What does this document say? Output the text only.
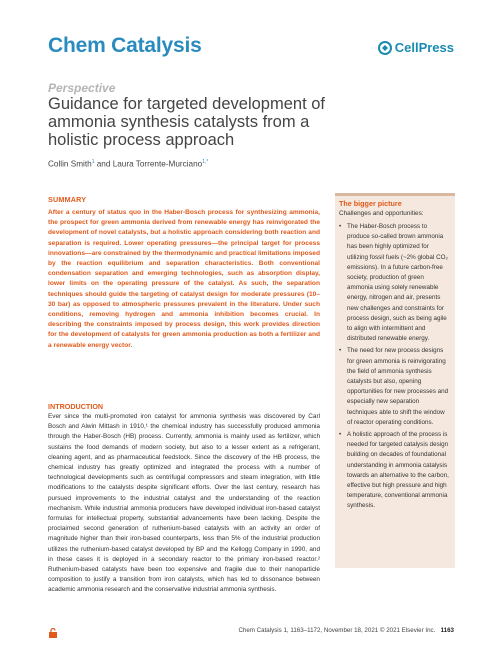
Chem Catalysis	CellPress
Perspective
Guidance for targeted development of ammonia synthesis catalysts from a holistic process approach
Collin Smith$^1$ and Laura Torrente-Murciano$^{1,*}$
SUMMARY
After a century of status quo in the Haber-Bosch process for synthesizing ammonia, the prospect for green ammonia derived from renewable energy has reinvigorated the development of novel catalysts, but a holistic approach considering both reaction and separation is required. Lower operating pressures—the principal target for process innovations—are constrained by the thermodynamic and practical limitations imposed by the reaction equilibrium and separation characteristics. Both conventional condensation separation and emerging technologies, such as absorption display, lower limits on the operating pressure of the catalyst. As such, the separation techniques should guide the targeting of catalyst design for moderate pressures (10–30 bar) as opposed to atmospheric pressures prevalent in the literature. Under such conditions, removing hydrogen and ammonia inhibition becomes crucial. In describing the constraints imposed by process design, this work provides direction for the development of catalysts for green ammonia production as both a fertilizer and a renewable energy vector.
INTRODUCTION
Ever since the multi-promoted iron catalyst for ammonia synthesis was discovered by Carl Bosch and Alwin Mittash in 1910,¹ the chemical industry has successfully produced ammonia through the Haber-Bosch (HB) process. Currently, ammonia is mainly used as fertilizer, which sustains the food demands of modern society, but also to a lesser extent as a refrigerant, cleaning agent, and as pharmaceutical feedstock. Since the discovery of the HB process, the chemical industry has greatly optimized and integrated the process with a number of technological developments such as centrifugal compressors and steam integration, with little modifications to the catalysts despite significant efforts. Over the last century, research has pursued improvements to the industrial catalyst and the understanding of the reaction mechanism. While industrial ammonia producers have developed individual iron-based catalyst formulas for intellectual property, substantial advancements have been lacking. Despite the proclaimed second generation of ruthenium-based catalysts with an activity an order of magnitude higher than their iron-based counterparts, less than 5% of the industrial production utilizes the ruthenium-based catalyst developed by BP and the Kellogg Company in 1990, and in these cases it is deployed in a secondary reactor to the primary iron-based reactor.² Ruthenium-based catalysts have been too expensive and fragile due to their nanoparticle composition to justify a transition from iron catalysts, which has led to dissonance between academic ammonia research and the conservative industrial ammonia synthesis.
The bigger picture
Challenges and opportunities:
• The Haber-Bosch process to produce so-called brown ammonia has been highly optimized for utilizing fossil fuels (~2% global CO₂ emissions). In a future carbon-free society, production of green ammonia using solely renewable energy, nitrogen and air, presents new challenges and constraints for process design, such as being agile to align with intermittent and distributed renewable energy.
• The need for new process designs for green ammonia is reinvigorating the field of ammonia synthesis catalysts but also, opening opportunities for new processes and especially new separation techniques able to shift the window of reactor operating conditions.
• A holistic approach of the process is needed for targeted catalysis design building on decades of foundational understanding in ammonia catalysis towards an alternative to the carbon, effective but high pressure and high temperature, conventional ammonia synthesis.
Chem Catalysis 1, 1163–1172, November 18, 2021 © 2021 Elsevier Inc. 1163
